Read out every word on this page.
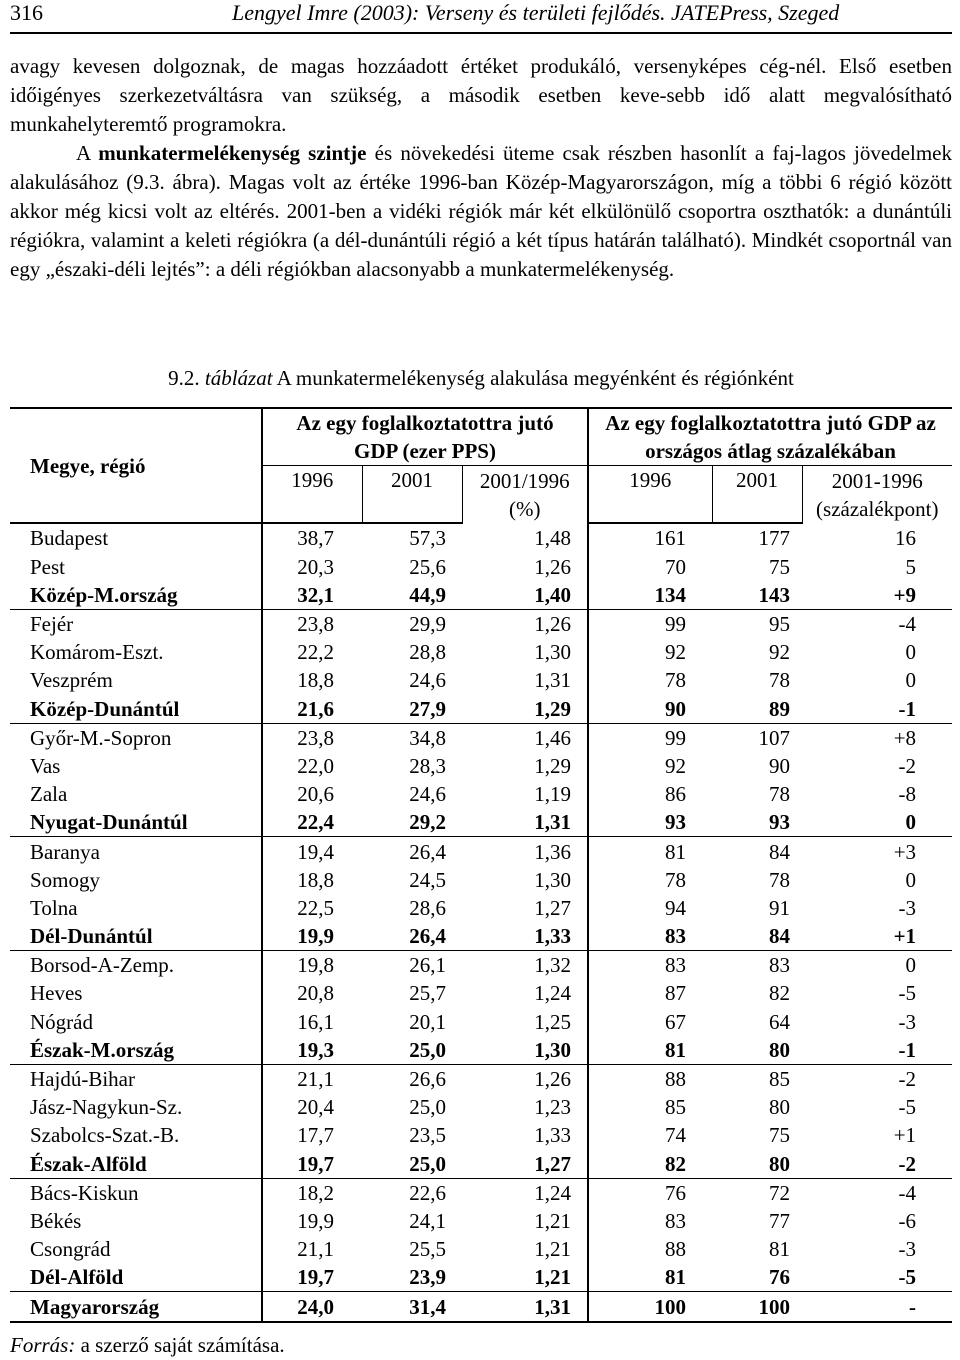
316	Lengyel Imre (2003): Verseny és területi fejlődés. JATEPress, Szeged

avagy kevesen dolgoznak, de magas hozzáadott értéket produkáló, versenyképes cég-nél. Első esetben időigényes szerkezetváltásra van szükség, a második esetben keve-sebb idő alatt megvalósítható munkahelyteremtő programokra.

A munkatermelékenység szintje és növekedési üteme csak részben hasonlít a faj-lagos jövedelmek alakulásához (9.3. ábra). Magas volt az értéke 1996-ban Közép-Magyarországon, míg a többi 6 régió között akkor még kicsi volt az eltérés. 2001-ben a vidéki régiók már két elkülönülő csoportra oszthatók: a dunántúli régiókra, valamint a keleti régiókra (a dél-dunántúli régió a két típus határán található). Mindkét csoportnál van egy „északi-déli lejtés”: a déli régiókban alacsonyabb a munkatermelékenység.

9.2. táblázat A munkatermelékenység alakulása megyénként és régiónként
Megye, régió	Az egy foglalkoztatottra jutó GDP (ezer PPS)			Az egy foglalkoztatottra jutó GDP az országos átlag százalékában		
	1996	2001	2001/1996 (%)	1996	2001	2001-1996 (százalékpont)

Budapest	38,7	57,3	1,48	161	177	16
Pest	20,3	25,6	1,26	70	75	5
Közép-M.ország	32,1	44,9	1,40	134	143	+9
Fejér	23,8	29,9	1,26	99	95	-4
Komárom-Eszt.	22,2	28,8	1,30	92	92	0
Veszprém	18,8	24,6	1,31	78	78	0
Közép-Dunántúl	21,6	27,9	1,29	90	89	-1
Győr-M.-Sopron	23,8	34,8	1,46	99	107	+8
Vas	22,0	28,3	1,29	92	90	-2
Zala	20,6	24,6	1,19	86	78	-8
Nyugat-Dunántúl	22,4	29,2	1,31	93	93	0
Baranya	19,4	26,4	1,36	81	84	+3
Somogy	18,8	24,5	1,30	78	78	0
Tolna	22,5	28,6	1,27	94	91	-3
Dél-Dunántúl	19,9	26,4	1,33	83	84	+1
Borsod-A-Zemp.	19,8	26,1	1,32	83	83	0
Heves	20,8	25,7	1,24	87	82	-5
Nógrád	16,1	20,1	1,25	67	64	-3
Észak-M.ország	19,3	25,0	1,30	81	80	-1
Hajdú-Bihar	21,1	26,6	1,26	88	85	-2
Jász-Nagykun-Sz.	20,4	25,0	1,23	85	80	-5
Szabolcs-Szat.-B.	17,7	23,5	1,33	74	75	+1
Észak-Alföld	19,7	25,0	1,27	82	80	-2
Bács-Kiskun	18,2	22,6	1,24	76	72	-4
Békés	19,9	24,1	1,21	83	77	-6
Csongrád	21,1	25,5	1,21	88	81	-3
Dél-Alföld	19,7	23,9	1,21	81	76	-5
Magyarország	24,0	31,4	1,31	100	100	-
Forrás: a szerző saját számítása.
